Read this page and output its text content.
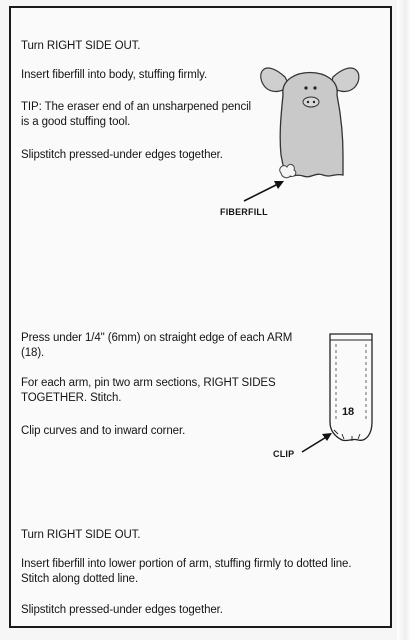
Turn RIGHT SIDE OUT.

Insert fiberfill into body, stuffing firmly.

TIP: The eraser end of an unsharpened pencil is a good stuffing tool.

Slipstitch pressed-under edges together.

FIBERFILL

Press under 1/4" (6mm) on straight edge of each ARM (18).

For each arm, pin two arm sections, RIGHT SIDES TOGETHER. Stitch.

Clip curves and to inward corner.

18
CLIP

Turn RIGHT SIDE OUT.

Insert fiberfill into lower portion of arm, stuffing firmly to dotted line. Stitch along dotted line.

Slipstitch pressed-under edges together.
